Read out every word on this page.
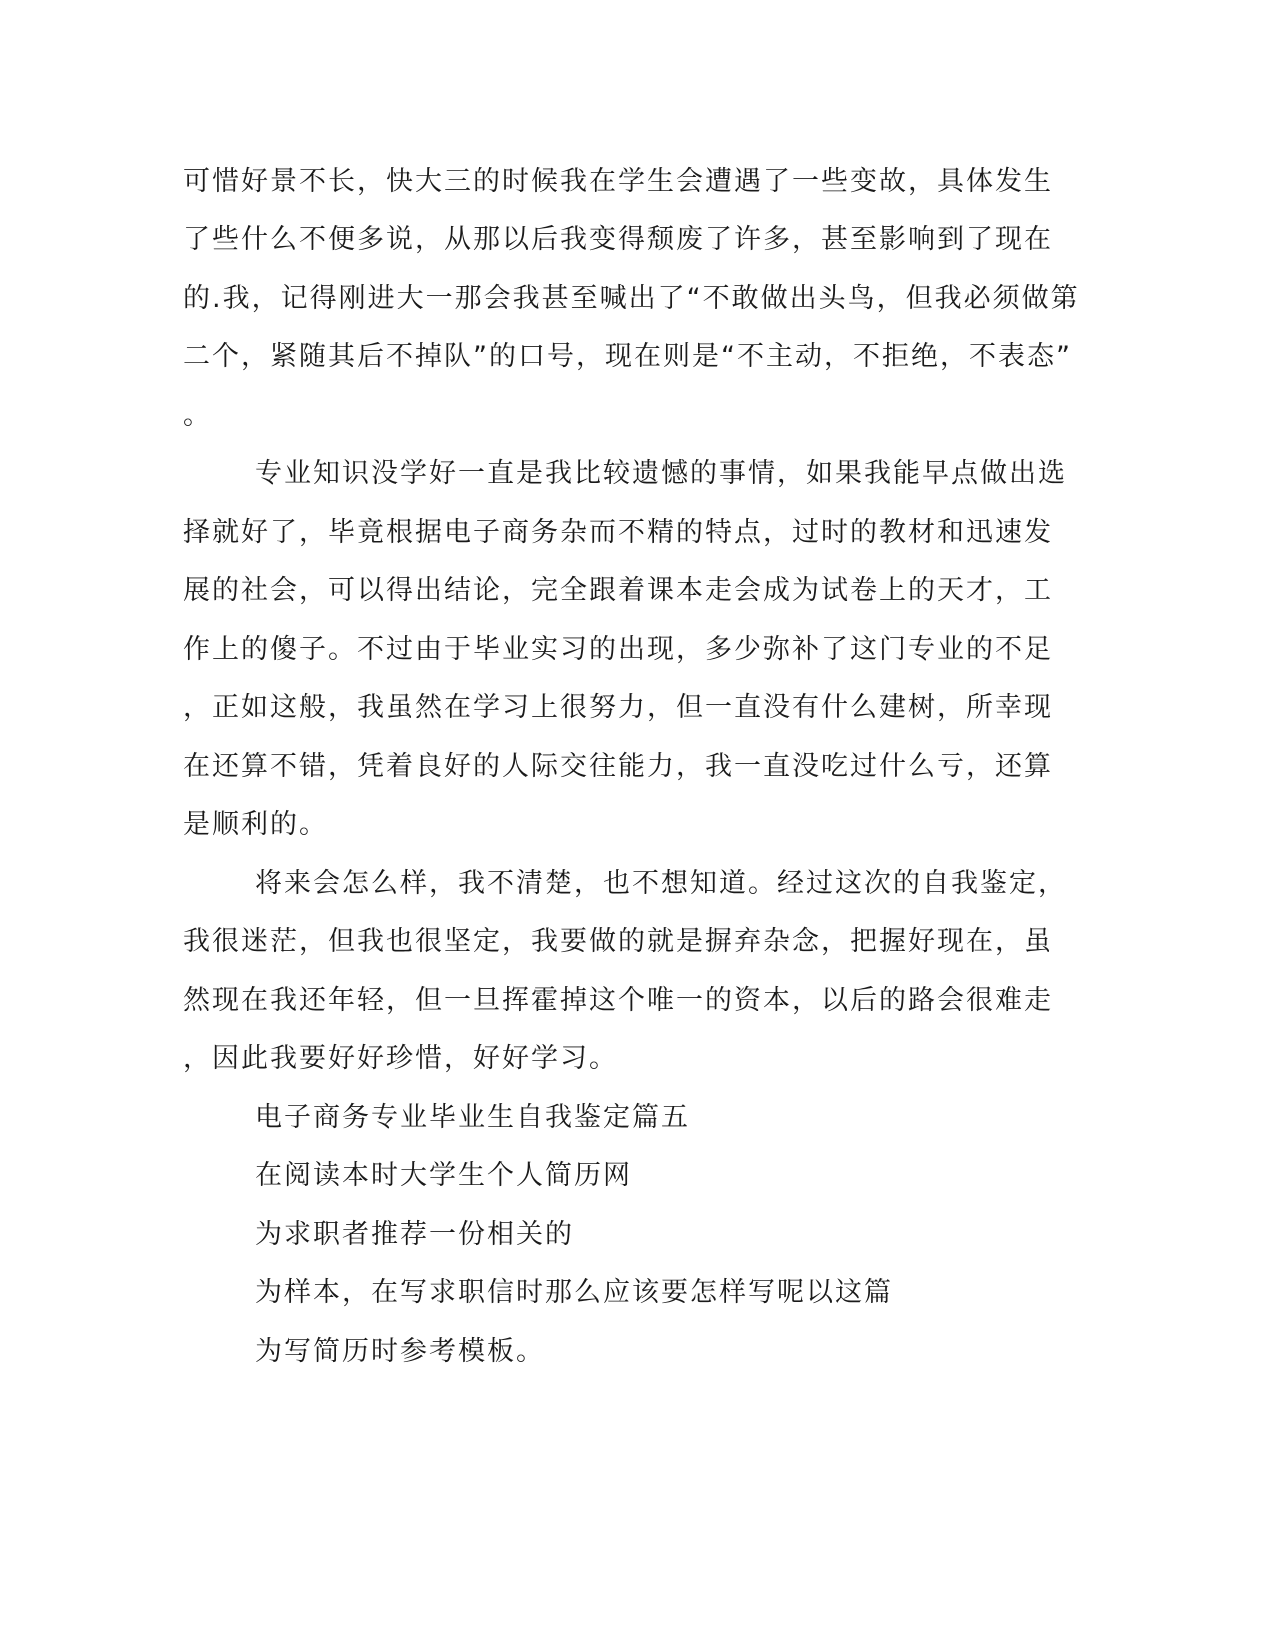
可惜好景不长，快大三的时候我在学生会遭遇了一些变故，具体发生

了些什么不便多说，从那以后我变得颓废了许多，甚至影响到了现在

的.我，记得刚进大一那会我甚至喊出了“不敢做出头鸟，但我必须做第

二个，紧随其后不掉队”的口号，现在则是“不主动，不拒绝，不表态”

。

专业知识没学好一直是我比较遗憾的事情，如果我能早点做出选

择就好了，毕竟根据电子商务杂而不精的特点，过时的教材和迅速发

展的社会，可以得出结论，完全跟着课本走会成为试卷上的天才，工

作上的傻子。不过由于毕业实习的出现，多少弥补了这门专业的不足

，正如这般，我虽然在学习上很努力，但一直没有什么建树，所幸现

在还算不错，凭着良好的人际交往能力，我一直没吃过什么亏，还算

是顺利的。

将来会怎么样，我不清楚，也不想知道。经过这次的自我鉴定，

我很迷茫，但我也很坚定，我要做的就是摒弃杂念，把握好现在，虽

然现在我还年轻，但一旦挥霍掉这个唯一的资本，以后的路会很难走

，因此我要好好珍惜，好好学习。

电子商务专业毕业生自我鉴定篇五

在阅读本时大学生个人简历网

为求职者推荐一份相关的

为样本，在写求职信时那么应该要怎样写呢以这篇

为写简历时参考模板。
